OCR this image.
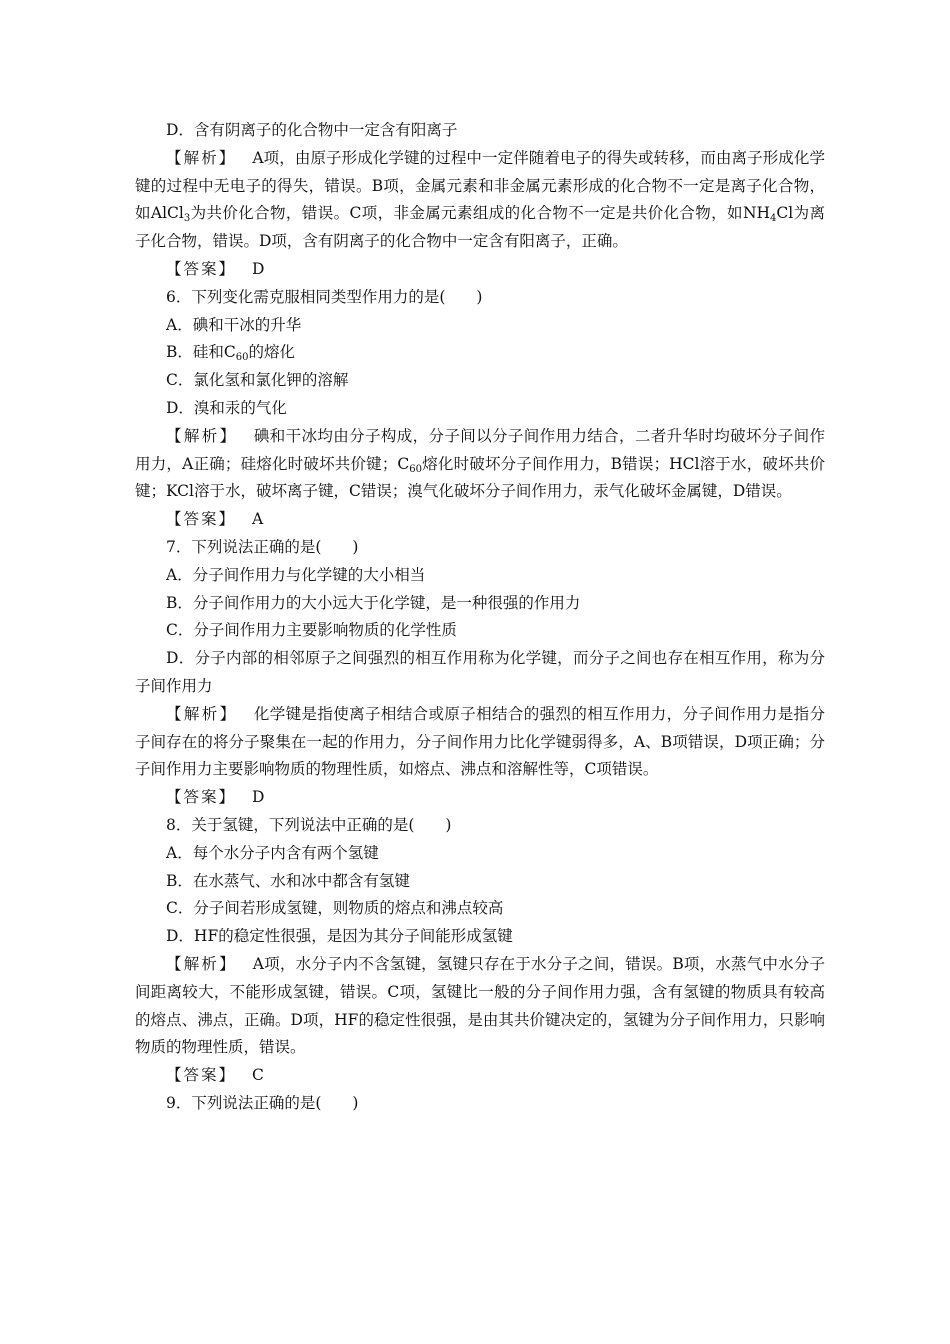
D．含有阴离子的化合物中一定含有阳离子

【解析】 A项，由原子形成化学键的过程中一定伴随着电子的得失或转移，而由离子形成化学键的过程中无电子的得失，错误。B项，金属元素和非金属元素形成的化合物不一定是离子化合物，如AlCl$_3$为共价化合物，错误。C项，非金属元素组成的化合物不一定是共价化合物，如$NH_4Cl$为离子化合物，错误。D项，含有阴离子的化合物中一定含有阳离子，正确。

【答案】 D

6．下列变化需克服相同类型作用力的是(　　)

A．碘和干冰的升华

B．硅和$C_{60}$的熔化

C．氯化氢和氯化钾的溶解

D．溴和汞的气化

【解析】 碘和干冰均由分子构成，分子间以分子间作用力结合，二者升华时均破坏分子间作用力，A正确；硅熔化时破坏共价键；$C_{60}$熔化时破坏分子间作用力，B错误；HCl溶于水，破坏共价键；KCl溶于水，破坏离子键，C错误；溴气化破坏分子间作用力，汞气化破坏金属键，D错误。

【答案】 A

7．下列说法正确的是(　　)

A．分子间作用力与化学键的大小相当

B．分子间作用力的大小远大于化学键，是一种很强的作用力

C．分子间作用力主要影响物质的化学性质

D．分子内部的相邻原子之间强烈的相互作用称为化学键，而分子之间也存在相互作用，称为分子间作用力

【解析】 化学键是指使离子相结合或原子相结合的强烈的相互作用力，分子间作用力是指分子间存在的将分子聚集在一起的作用力，分子间作用力比化学键弱得多，A、B项错误，D项正确；分子间作用力主要影响物质的物理性质，如熔点、沸点和溶解性等，C项错误。

【答案】 D

8．关于氢键，下列说法中正确的是(　　)

A．每个水分子内含有两个氢键

B．在水蒸气、水和冰中都含有氢键

C．分子间若形成氢键，则物质的熔点和沸点较高

D．HF的稳定性很强，是因为其分子间能形成氢键

【解析】 A项，水分子内不含氢键，氢键只存在于水分子之间，错误。B项，水蒸气中水分子间距离较大，不能形成氢键，错误。C项，氢键比一般的分子间作用力强，含有氢键的物质具有较高的熔点、沸点，正确。D项，HF的稳定性很强，是由其共价键决定的，氢键为分子间作用力，只影响物质的物理性质，错误。

【答案】 C

9．下列说法正确的是(　　)
